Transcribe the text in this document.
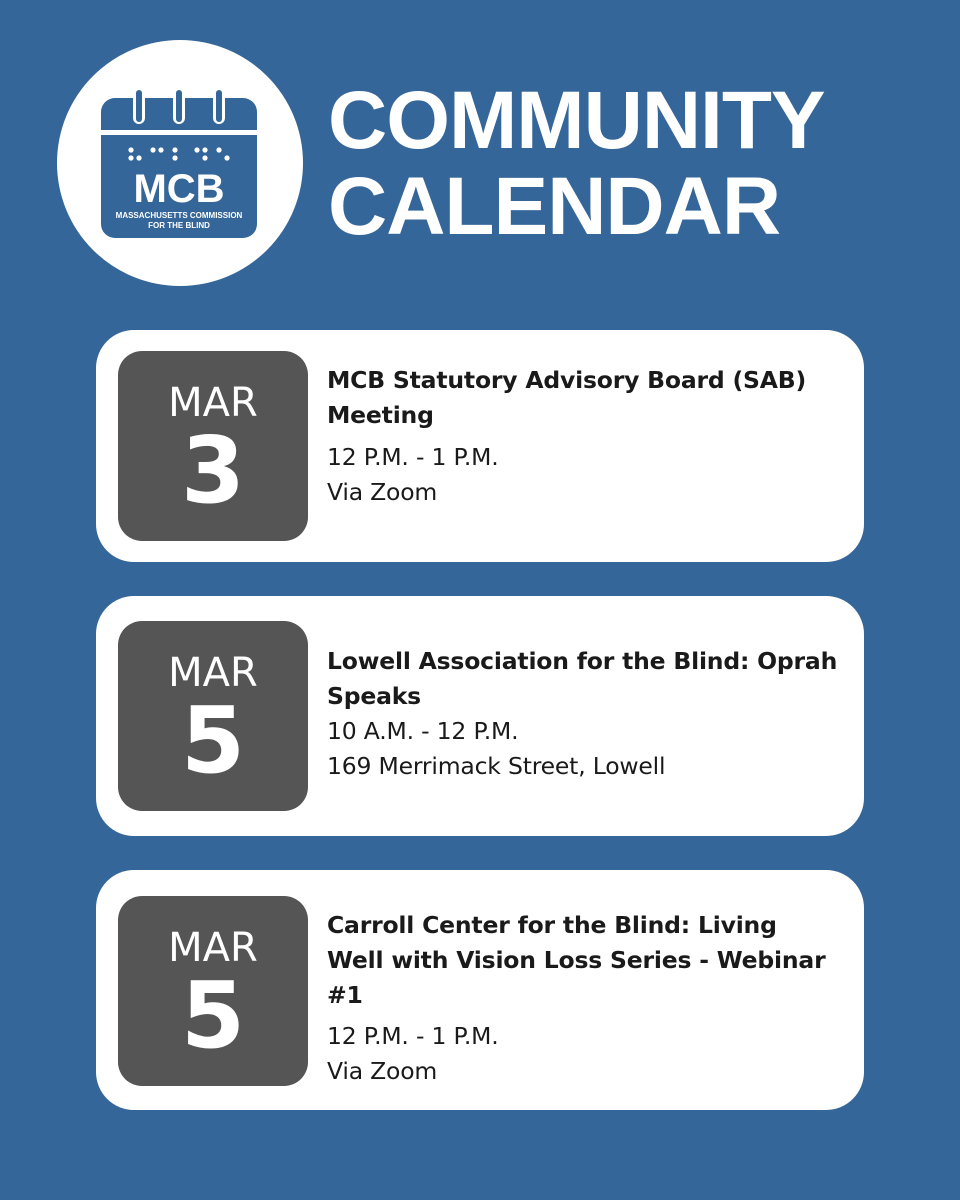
MCB
MASSACHUSETTS COMMISSION
FOR THE BLIND
COMMUNITY
CALENDAR
MAR
3
MCB Statutory Advisory Board (SAB) Meeting
12 P.M. - 1 P.M.
Via Zoom
MAR
5
Lowell Association for the Blind: Oprah Speaks
10 A.M. - 12 P.M.
169 Merrimack Street, Lowell
MAR
5
Carroll Center for the Blind: Living Well with Vision Loss Series - Webinar #1
12 P.M. - 1 P.M.
Via Zoom
